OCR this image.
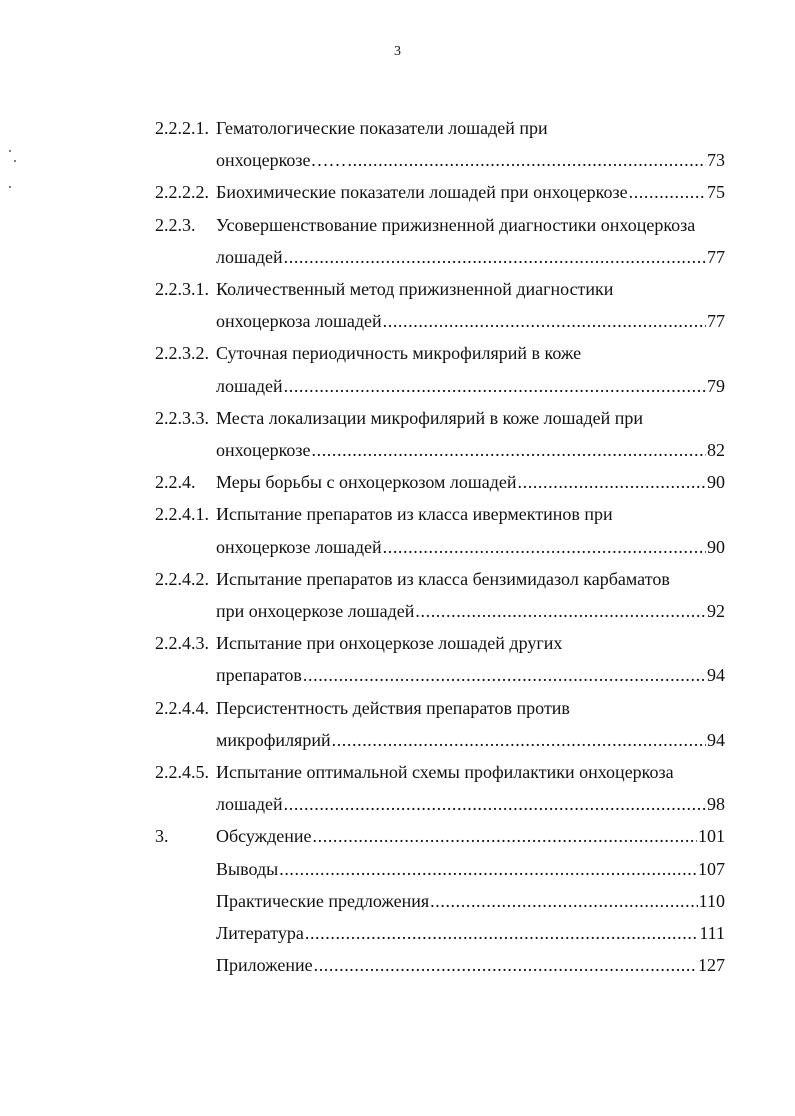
3
2.2.2.1. Гематологические показатели лошадей при
онхоцеркозе…… .....	73
2.2.2.2. Биохимические показатели лошадей при онхоцеркозе .....	75
2.2.3. Усовершенствование прижизненной диагностики онхоцеркоза
лошадей .....	77
2.2.3.1. Количественный метод прижизненной диагностики
онхоцеркоза лошадей .....	77
2.2.3.2. Суточная периодичность микрофилярий в коже
лошадей .....	79
2.2.3.3. Места локализации микрофилярий в коже лошадей при
онхоцеркозе .....	82
2.2.4. Меры борьбы с онхоцеркозом лошадей .....	90
2.2.4.1. Испытание препаратов из класса ивермектинов при
онхоцеркозе лошадей .....	90
2.2.4.2. Испытание препаратов из класса бензимидазол карбаматов
при онхоцеркозе лошадей .....	92
2.2.4.3. Испытание при онхоцеркозе лошадей других
препаратов .....	94
2.2.4.4. Персистентность действия препаратов против
микрофилярий .....	94
2.2.4.5. Испытание оптимальной схемы профилактики онхоцеркоза
лошадей .....	98
3.	Обсуждение .....	101
Выводы .....	107
Практические предложения .....	110
Литература .....	111
Приложение .....	127
